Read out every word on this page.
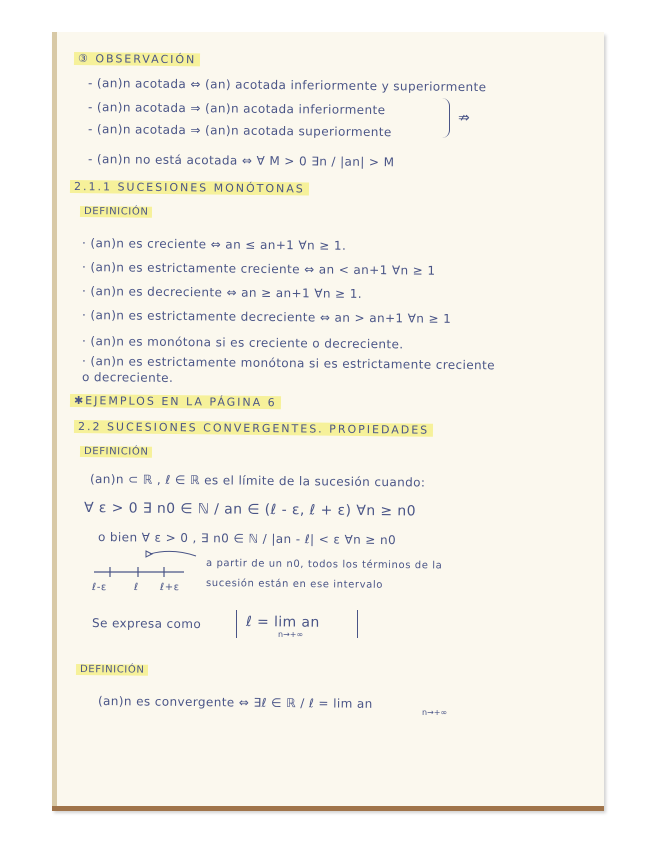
③ OBSERVACIÓN
- (an)n acotada ⇔ (an) acotada inferiormente y superiormente
- (an)n acotada ⇒ (an)n acotada inferiormente
- (an)n acotada ⇒ (an)n acotada superiormente
⇏
- (an)n no está acotada ⇔ ∀ M > 0 ∃n / |an| > M
2.1.1 SUCESIONES MONÓTONAS
DEFINICIÓN
· (an)n es creciente ⇔ an ≤ an+1 ∀n ≥ 1.
· (an)n es estrictamente creciente ⇔ an < an+1 ∀n ≥ 1
· (an)n es decreciente ⇔ an ≥ an+1 ∀n ≥ 1.
· (an)n es estrictamente decreciente ⇔ an > an+1 ∀n ≥ 1
· (an)n es monótona si es creciente o decreciente.
· (an)n es estrictamente monótona si es estrictamente creciente
o decreciente.
✱EJEMPLOS EN LA PÁGINA 6
2.2 SUCESIONES CONVERGENTES. PROPIEDADES
DEFINICIÓN
(an)n ⊂ ℝ , ℓ ∈ ℝ es el límite de la sucesión cuando:
∀ ε > 0 ∃ n0 ∈ ℕ / an ∈ (ℓ - ε, ℓ + ε) ∀n ≥ n0
o bien ∀ ε > 0 , ∃ n0 ∈ ℕ / |an - ℓ| < ε ∀n ≥ n0
ℓ-ε	ℓ ℓ+ε
a partir de un n0, todos los términos de la
sucesión están en ese intervalo
Se expresa como	ℓ = lim an
n→+∞
DEFINICIÓN
(an)n es convergente ⇔ ∃ℓ ∈ ℝ / ℓ = lim an
n→+∞
